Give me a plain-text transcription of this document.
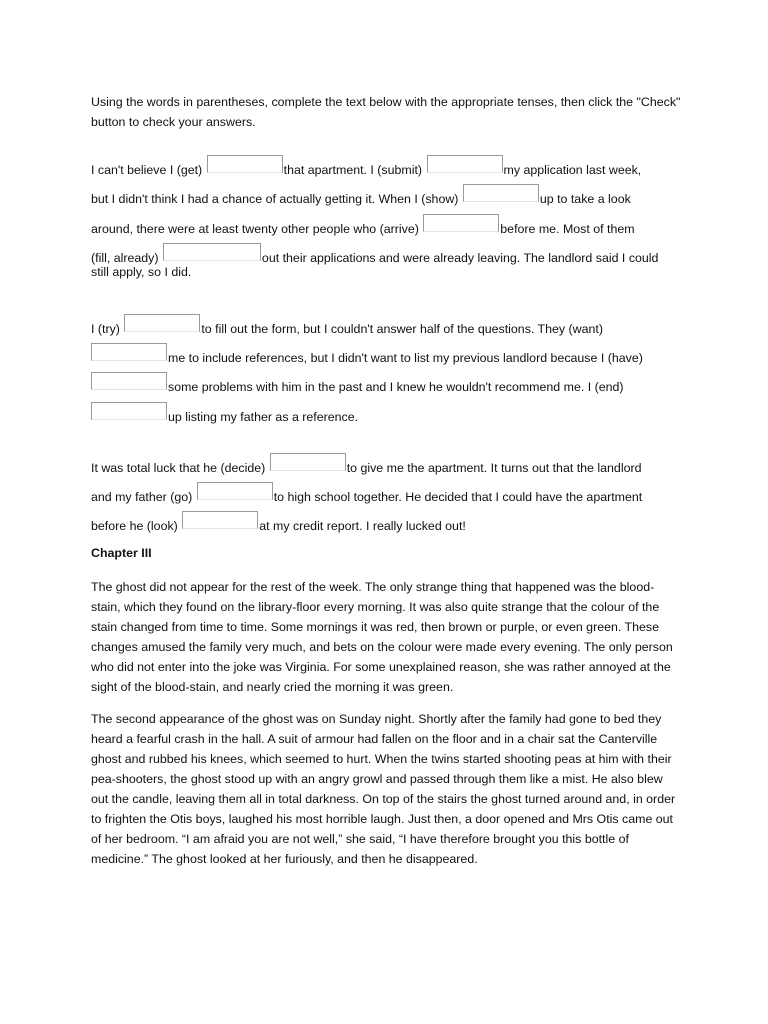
Using the words in parentheses, complete the text below with the appropriate tenses, then click the "Check" button to check your answers.
I can't believe I (get)	that apartment. I (submit)	my application last week,
but I didn't think I had a chance of actually getting it. When I (show)	up to take a look
around, there were at least twenty other people who (arrive)	before me. Most of them
(fill, already)	out their applications and were already leaving. The landlord said I could
still apply, so I did.
I (try)	to fill out the form, but I couldn't answer half of the questions. They (want)
me to include references, but I didn't want to list my previous landlord because I (have)
some problems with him in the past and I knew he wouldn't recommend me. I (end)
up listing my father as a reference.
It was total luck that he (decide)	to give me the apartment. It turns out that the landlord
and my father (go)	to high school together. He decided that I could have the apartment
before he (look)	at my credit report. I really lucked out!
Chapter III

The ghost did not appear for the rest of the week. The only strange thing that happened was the blood-stain, which they found on the library-floor every morning. It was also quite strange that the colour of the stain changed from time to time. Some mornings it was red, then brown or purple, or even green. These changes amused the family very much, and bets on the colour were made every evening. The only person who did not enter into the joke was Virginia. For some unexplained reason, she was rather annoyed at the sight of the blood-stain, and nearly cried the morning it was green.

The second appearance of the ghost was on Sunday night. Shortly after the family had gone to bed they heard a fearful crash in the hall. A suit of armour had fallen on the floor and in a chair sat the Canterville ghost and rubbed his knees, which seemed to hurt. When the twins started shooting peas at him with their pea-shooters, the ghost stood up with an angry growl and passed through them like a mist. He also blew out the candle, leaving them all in total darkness. On top of the stairs the ghost turned around and, in order to frighten the Otis boys, laughed his most horrible laugh. Just then, a door opened and Mrs Otis came out of her bedroom. “I am afraid you are not well,” she said, “I have therefore brought you this bottle of medicine.” The ghost looked at her furiously, and then he disappeared.
